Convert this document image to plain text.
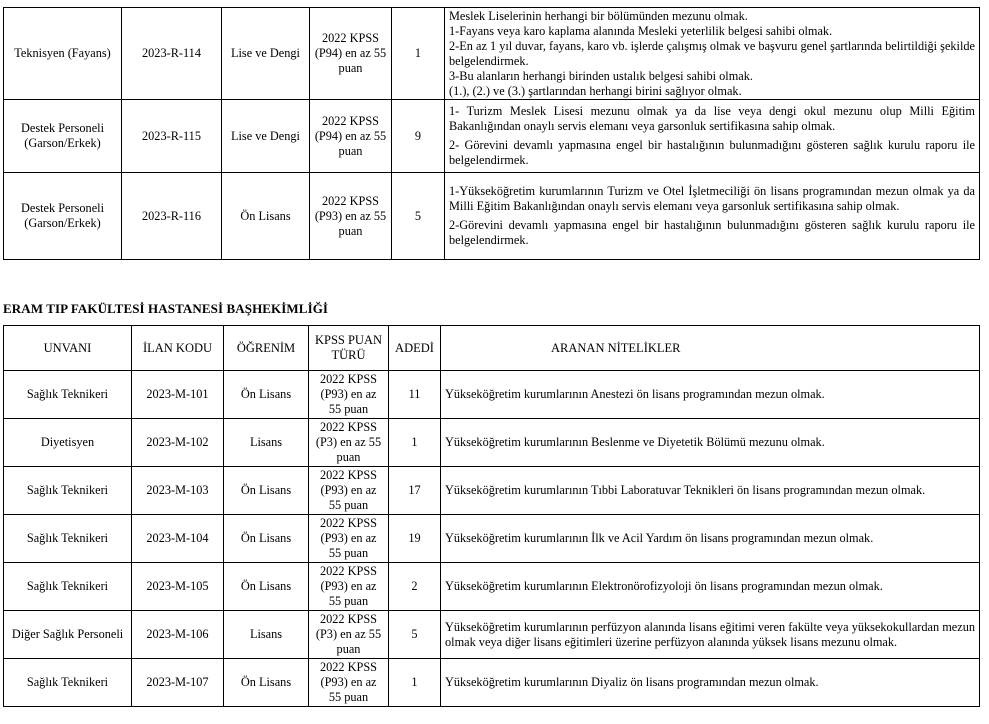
Teknisyen (Fayans)	2023-R-114	Lise ve Dengi	2022 KPSS (P94) en az 55 puan	1	Meslek Liselerinin herhangi bir bölümünden mezunu olmak.
1-Fayans veya karo kaplama alanında Mesleki yeterlilik belgesi sahibi olmak.
2-En az 1 yıl duvar, fayans, karo vb. işlerde çalışmış olmak ve başvuru genel şartlarında belirtildiği şekilde belgelendirmek.
3-Bu alanların herhangi birinden ustalık belgesi sahibi olmak.
(1.), (2.) ve (3.) şartlarından herhangi birini sağlıyor olmak.

Destek Personeli (Garson/Erkek)	2023-R-115	Lise ve Dengi	2022 KPSS (P94) en az 55 puan	9	1- Turizm Meslek Lisesi mezunu olmak ya da lise veya dengi okul mezunu olup Milli Eğitim Bakanlığından onaylı servis elemanı veya garsonluk sertifikasına sahip olmak.
2- Görevini devamlı yapmasına engel bir hastalığının bulunmadığını gösteren sağlık kurulu raporu ile belgelendirmek.

Destek Personeli (Garson/Erkek)	2023-R-116	Ön Lisans	2022 KPSS (P93) en az 55 puan	5	1-Yükseköğretim kurumlarının Turizm ve Otel İşletmeciliği ön lisans programından mezun olmak ya da Milli Eğitim Bakanlığından onaylı servis elemanı veya garsonluk sertifikasına sahip olmak.
2-Görevini devamlı yapmasına engel bir hastalığının bulunmadığını gösteren sağlık kurulu raporu ile belgelendirmek.
ERAM TIP FAKÜLTESİ HASTANESİ BAŞHEKİMLİĞİ
UNVANI	İLAN KODU	ÖĞRENİM	KPSS PUAN TÜRÜ	ADEDİ	ARANAN NİTELİKLER
Sağlık Teknikeri	2023-M-101	Ön Lisans	2022 KPSS (P93) en az 55 puan	11	Yükseköğretim kurumlarının Anestezi ön lisans programından mezun olmak.
Diyetisyen	2023-M-102	Lisans	2022 KPSS (P3) en az 55 puan	1	Yükseköğretim kurumlarının Beslenme ve Diyetetik Bölümü mezunu olmak.
Sağlık Teknikeri	2023-M-103	Ön Lisans	2022 KPSS (P93) en az 55 puan	17	Yükseköğretim kurumlarının Tıbbi Laboratuvar Teknikleri ön lisans programından mezun olmak.
Sağlık Teknikeri	2023-M-104	Ön Lisans	2022 KPSS (P93) en az 55 puan	19	Yükseköğretim kurumlarının İlk ve Acil Yardım ön lisans programından mezun olmak.
Sağlık Teknikeri	2023-M-105	Ön Lisans	2022 KPSS (P93) en az 55 puan	2	Yükseköğretim kurumlarının Elektronörofizyoloji ön lisans programından mezun olmak.
Diğer Sağlık Personeli	2023-M-106	Lisans	2022 KPSS (P3) en az 55 puan	5	Yükseköğretim kurumlarının perfüzyon alanında lisans eğitimi veren fakülte veya yüksekokullardan mezun olmak veya diğer lisans eğitimleri üzerine perfüzyon alanında yüksek lisans mezunu olmak.
Sağlık Teknikeri	2023-M-107	Ön Lisans	2022 KPSS (P93) en az 55 puan	1	Yükseköğretim kurumlarının Diyaliz ön lisans programından mezun olmak.
